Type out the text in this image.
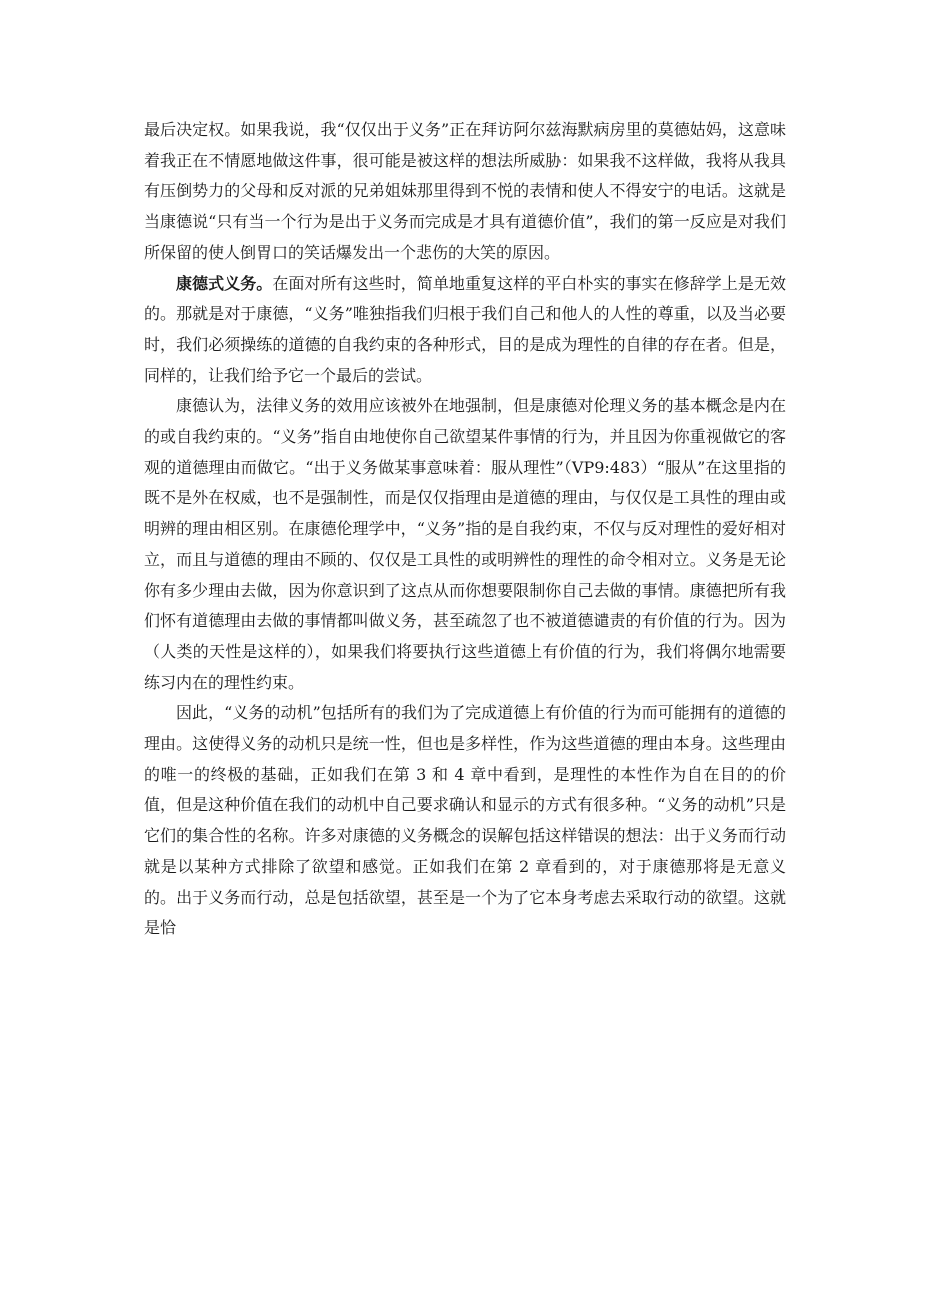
最后决定权。如果我说，我“仅仅出于义务”正在拜访阿尔兹海默病房里的莫德姑妈，这意味着我正在不情愿地做这件事，很可能是被这样的想法所威胁：如果我不这样做，我将从我具有压倒势力的父母和反对派的兄弟姐妹那里得到不悦的表情和使人不得安宁的电话。这就是当康德说“只有当一个行为是出于义务而完成是才具有道德价值”，我们的第一反应是对我们所保留的使人倒胃口的笑话爆发出一个悲伤的大笑的原因。

康德式义务。在面对所有这些时，简单地重复这样的平白朴实的事实在修辞学上是无效的。那就是对于康德，“义务”唯独指我们归根于我们自己和他人的人性的尊重，以及当必要时，我们必须操练的道德的自我约束的各种形式，目的是成为理性的自律的存在者。但是，同样的，让我们给予它一个最后的尝试。

康德认为，法律义务的效用应该被外在地强制，但是康德对伦理义务的基本概念是内在的或自我约束的。“义务”指自由地使你自己欲望某件事情的行为，并且因为你重视做它的客观的道德理由而做它。“出于义务做某事意味着：服从理性”（VP9:483）“服从”在这里指的既不是外在权威，也不是强制性，而是仅仅指理由是道德的理由，与仅仅是工具性的理由或明辨的理由相区别。在康德伦理学中，“义务”指的是自我约束，不仅与反对理性的爱好相对立，而且与道德的理由不顾的、仅仅是工具性的或明辨性的理性的命令相对立。义务是无论你有多少理由去做，因为你意识到了这点从而你想要限制你自己去做的事情。康德把所有我们怀有道德理由去做的事情都叫做义务，甚至疏忽了也不被道德谴责的有价值的行为。因为（人类的天性是这样的），如果我们将要执行这些道德上有价值的行为，我们将偶尔地需要练习内在的理性约束。

因此，“义务的动机”包括所有的我们为了完成道德上有价值的行为而可能拥有的道德的理由。这使得义务的动机只是统一性，但也是多样性，作为这些道德的理由本身。这些理由的唯一的终极的基础，正如我们在第 3 和 4 章中看到，是理性的本性作为自在目的的价值，但是这种价值在我们的动机中自己要求确认和显示的方式有很多种。“义务的动机”只是它们的集合性的名称。许多对康德的义务概念的误解包括这样错误的想法：出于义务而行动就是以某种方式排除了欲望和感觉。正如我们在第 2 章看到的，对于康德那将是无意义的。出于义务而行动，总是包括欲望，甚至是一个为了它本身考虑去采取行动的欲望。这就是恰
